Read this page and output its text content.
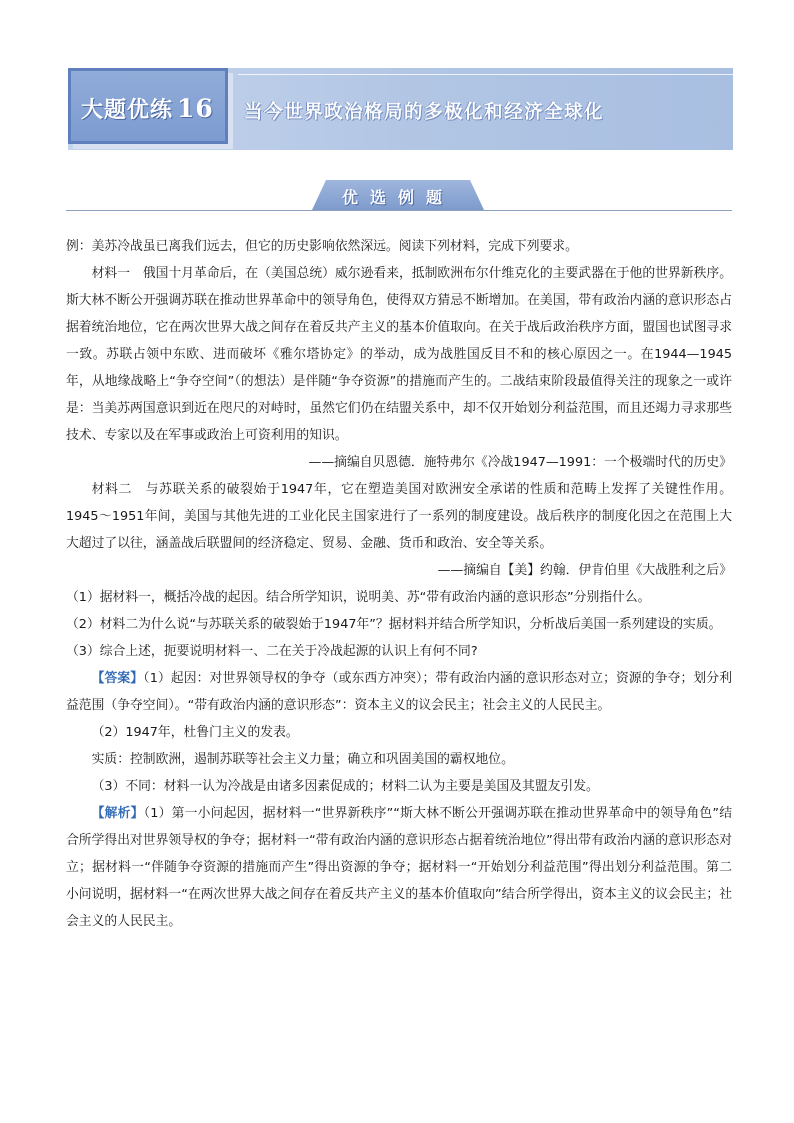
大题优练 16 当今世界政治格局的多极化和经济全球化
优选例题

例：美苏冷战虽已离我们远去，但它的历史影响依然深远。阅读下列材料，完成下列要求。

材料一　俄国十月革命后，在（美国总统）威尔逊看来，抵制欧洲布尔什维克化的主要武器在于他的世界新秩序。斯大林不断公开强调苏联在推动世界革命中的领导角色，使得双方猜忌不断增加。在美国，带有政治内涵的意识形态占据着统治地位，它在两次世界大战之间存在着反共产主义的基本价值取向。在关于战后政治秩序方面，盟国也试图寻求一致。苏联占领中东欧、进而破坏《雅尔塔协定》的举动，成为战胜国反目不和的核心原因之一。在1944—1945年，从地缘战略上“争夺空间”（的想法）是伴随“争夺资源”的措施而产生的。二战结束阶段最值得关注的现象之一或许是：当美苏两国意识到近在咫尺的对峙时，虽然它们仍在结盟关系中，却不仅开始划分利益范围，而且还竭力寻求那些技术、专家以及在军事或政治上可资利用的知识。

——摘编自贝恩德．施特弗尔《冷战1947—1991：一个极端时代的历史》

材料二　与苏联关系的破裂始于1947年，它在塑造美国对欧洲安全承诺的性质和范畴上发挥了关键性作用。1945～1951年间，美国与其他先进的工业化民主国家进行了一系列的制度建设。战后秩序的制度化因之在范围上大大超过了以往，涵盖战后联盟间的经济稳定、贸易、金融、货币和政治、安全等关系。

——摘编自【美】约翰．伊肯伯里《大战胜利之后》

（1）据材料一，概括冷战的起因。结合所学知识，说明美、苏“带有政治内涵的意识形态”分别指什么。

（2）材料二为什么说“与苏联关系的破裂始于1947年”？据材料并结合所学知识，分析战后美国一系列建设的实质。

（3）综合上述，扼要说明材料一、二在关于冷战起源的认识上有何不同?

【答案】（1）起因：对世界领导权的争夺（或东西方冲突）；带有政治内涵的意识形态对立；资源的争夺；划分利益范围（争夺空间）。“带有政治内涵的意识形态”：资本主义的议会民主；社会主义的人民民主。

（2）1947年，杜鲁门主义的发表。

实质：控制欧洲，遏制苏联等社会主义力量；确立和巩固美国的霸权地位。

（3）不同：材料一认为冷战是由诸多因素促成的；材料二认为主要是美国及其盟友引发。

【解析】（1）第一小问起因，据材料一“世界新秩序”“斯大林不断公开强调苏联在推动世界革命中的领导角色”结合所学得出对世界领导权的争夺；据材料一“带有政治内涵的意识形态占据着统治地位”得出带有政治内涵的意识形态对立；据材料一“伴随争夺资源的措施而产生”得出资源的争夺；据材料一“开始划分利益范围”得出划分利益范围。第二小问说明，据材料一“在两次世界大战之间存在着反共产主义的基本价值取向”结合所学得出，资本主义的议会民主；社会主义的人民民主。
